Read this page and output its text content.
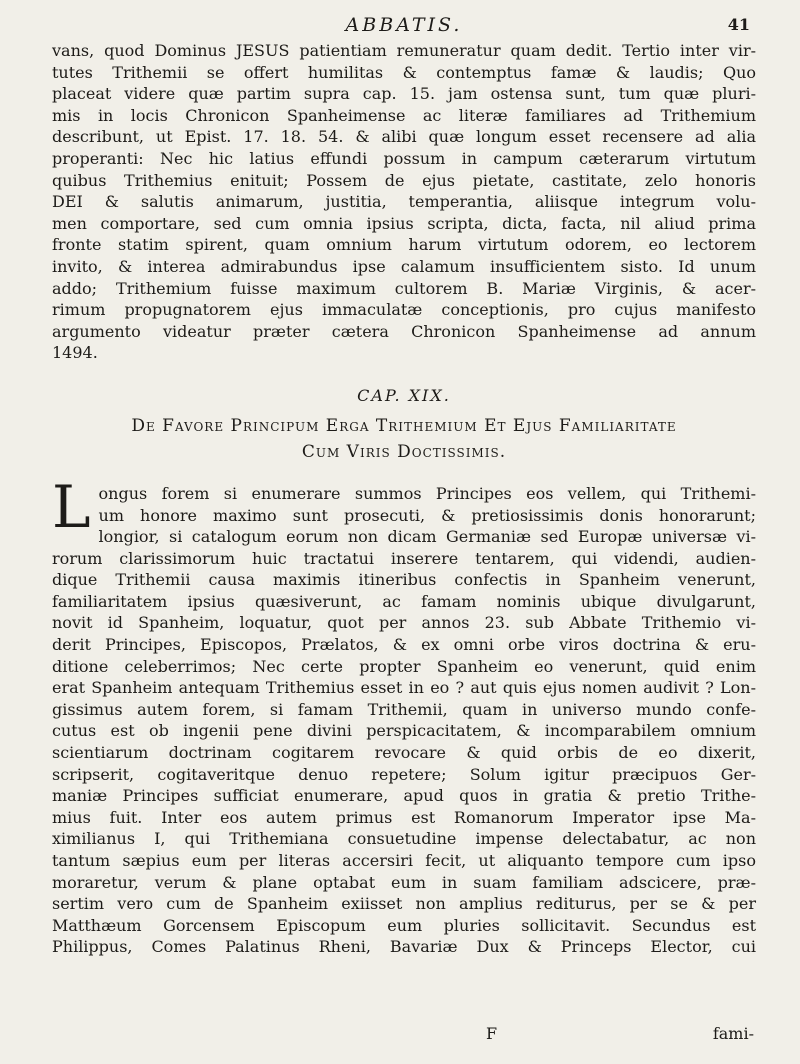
ABBATIS.	41

vans, quod Dominus JESUS patientiam remuneratur quam dedit. Tertio inter vir-

tutes Trithemii se offert humilitas & contemptus famæ & laudis; Quo

placeat videre quæ partim supra cap. 15. jam ostensa sunt, tum quæ pluri-

mis in locis Chronicon Spanheimense ac literæ familiares ad Trithemium

describunt, ut Epist. 17. 18. 54. & alibi quæ longum esset recensere ad alia

properanti: Nec hic latius effundi possum in campum cæterarum virtutum

quibus Trithemius enituit; Possem de ejus pietate, castitate, zelo honoris

DEI & salutis animarum, justitia, temperantia, aliisque integrum volu-

men comportare, sed cum omnia ipsius scripta, dicta, facta, nil aliud prima

fronte statim spirent, quam omnium harum virtutum odorem, eo lectorem

invito, & interea admirabundus ipse calamum insufficientem sisto. Id unum

addo; Trithemium fuisse maximum cultorem B. Mariæ Virginis, & acer-

rimum propugnatorem ejus immaculatæ conceptionis, pro cujus manifesto

argumento videatur præter cætera Chronicon Spanheimense ad annum

1494.

CAP. XIX.

De Favore Principum Erga Trithemium Et Ejus Familiaritate

Cum Viris Doctissimis.

L ongus forem si enumerare summos Principes eos vellem, qui Trithemi-

um honore maximo sunt prosecuti, & pretiosissimis donis honorarunt;

longior, si catalogum eorum non dicam Germaniæ sed Europæ universæ vi-

rorum clarissimorum huic tractatui inserere tentarem, qui videndi, audien-

dique Trithemii causa maximis itineribus confectis in Spanheim venerunt,

familiaritatem ipsius quæsiverunt, ac famam nominis ubique divulgarunt,

novit id Spanheim, loquatur, quot per annos 23. sub Abbate Trithemio vi-

derit Principes, Episcopos, Prælatos, & ex omni orbe viros doctrina & eru-

ditione celeberrimos; Nec certe propter Spanheim eo venerunt, quid enim

erat Spanheim antequam Trithemius esset in eo ? aut quis ejus nomen audivit ? Lon-

gissimus autem forem, si famam Trithemii, quam in universo mundo confe-

cutus est ob ingenii pene divini perspicacitatem, & incomparabilem omnium

scientiarum doctrinam cogitarem revocare & quid orbis de eo dixerit,

scripserit, cogitaveritque denuo repetere; Solum igitur præcipuos Ger-

maniæ Principes sufficiat enumerare, apud quos in gratia & pretio Trithe-

mius fuit. Inter eos autem primus est Romanorum Imperator ipse Ma-

ximilianus I, qui Trithemiana consuetudine impense delectabatur, ac non

tantum sæpius eum per literas accersiri fecit, ut aliquanto tempore cum ipso

moraretur, verum & plane optabat eum in suam familiam adscicere, præ-

sertim vero cum de Spanheim exiisset non amplius rediturus, per se & per

Matthæum Gorcensem Episcopum eum pluries sollicitavit. Secundus est

Philippus, Comes Palatinus Rheni, Bavariæ Dux & Princeps Elector, cui

F	fami-
